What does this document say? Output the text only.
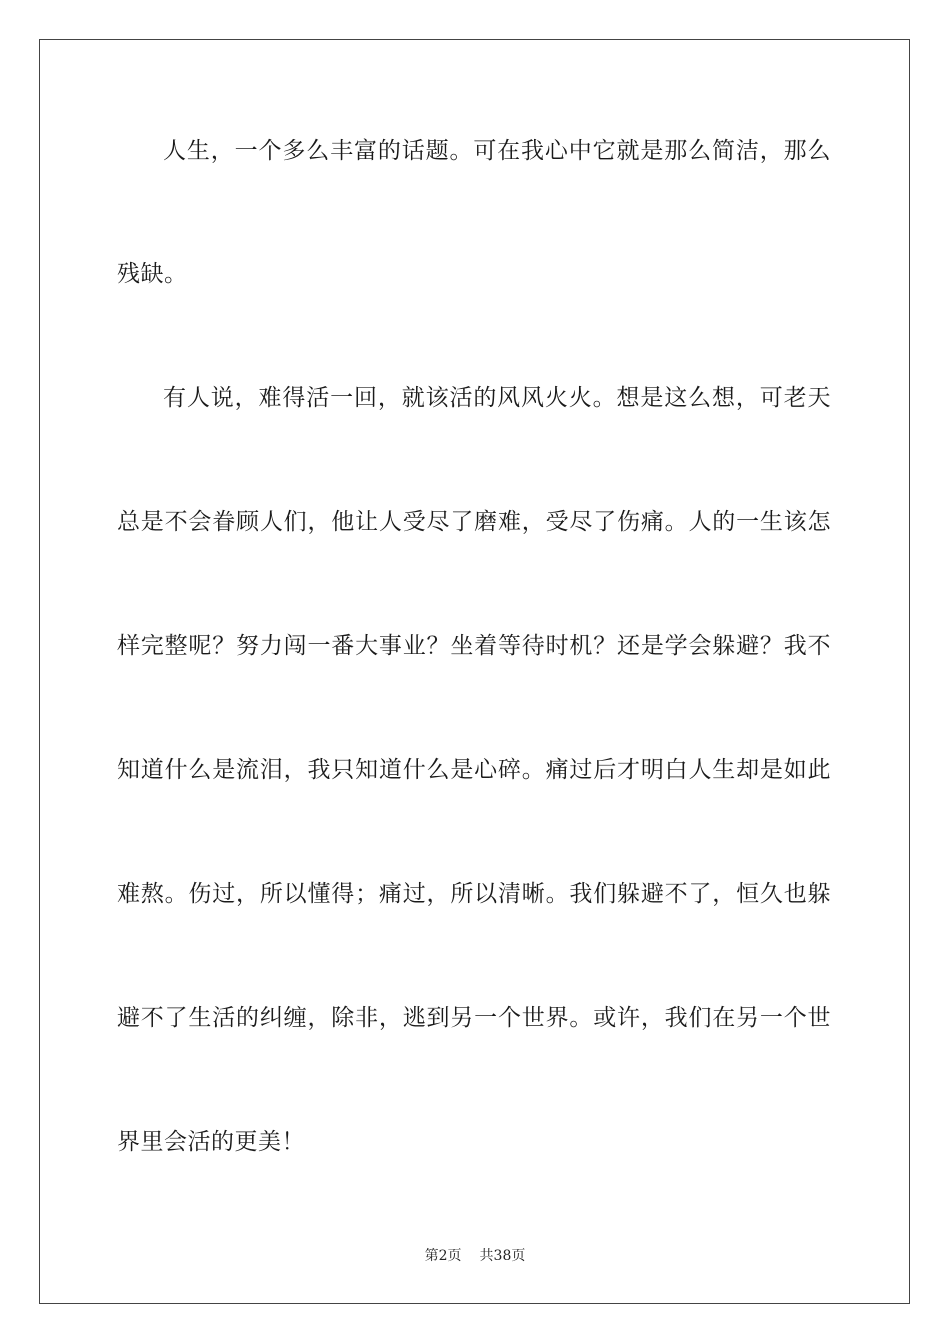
人生，一个多么丰富的话题。可在我心中它就是那么简洁，那么
残缺。
有人说，难得活一回，就该活的风风火火。想是这么想，可老天
总是不会眷顾人们，他让人受尽了磨难，受尽了伤痛。人的一生该怎
样完整呢？努力闯一番大事业？坐着等待时机？还是学会躲避？我不
知道什么是流泪，我只知道什么是心碎。痛过后才明白人生却是如此
难熬。伤过，所以懂得；痛过，所以清晰。我们躲避不了，恒久也躲
避不了生活的纠缠，除非，逃到另一个世界。或许，我们在另一个世
界里会活的更美！
第2页 共38页
